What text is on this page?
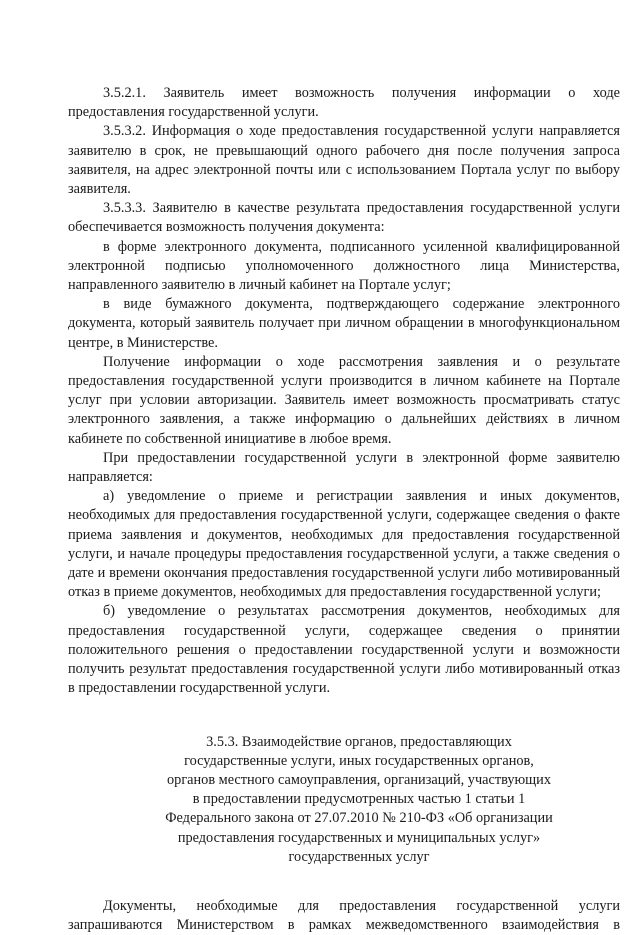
3.5.2.1. Заявитель имеет возможность получения информации о ходе предоставления государственной услуги.

3.5.3.2. Информация о ходе предоставления государственной услуги направляется заявителю в срок, не превышающий одного рабочего дня после получения запроса заявителя, на адрес электронной почты или с использованием Портала услуг по выбору заявителя.

3.5.3.3. Заявителю в качестве результата предоставления государственной услуги обеспечивается возможность получения документа:

в форме электронного документа, подписанного усиленной квалифицированной электронной подписью уполномоченного должностного лица Министерства, направленного заявителю в личный кабинет на Портале услуг;

в виде бумажного документа, подтверждающего содержание электронного документа, который заявитель получает при личном обращении в многофункциональном центре, в Министерстве.

Получение информации о ходе рассмотрения заявления и о результате предоставления государственной услуги производится в личном кабинете на Портале услуг при условии авторизации. Заявитель имеет возможность просматривать статус электронного заявления, а также информацию о дальнейших действиях в личном кабинете по собственной инициативе в любое время.

При предоставлении государственной услуги в электронной форме заявителю направляется:

а) уведомление о приеме и регистрации заявления и иных документов, необходимых для предоставления государственной услуги, содержащее сведения о факте приема заявления и документов, необходимых для предоставления государственной услуги, и начале процедуры предоставления государственной услуги, а также сведения о дате и времени окончания предоставления государственной услуги либо мотивированный отказ в приеме документов, необходимых для предоставления государственной услуги;

б) уведомление о результатах рассмотрения документов, необходимых для предоставления государственной услуги, содержащее сведения о принятии положительного решения о предоставлении государственной услуги и возможности получить результат предоставления государственной услуги либо мотивированный отказ в предоставлении государственной услуги.

3.5.3. Взаимодействие органов, предоставляющих
государственные услуги, иных государственных органов,
органов местного самоуправления, организаций, участвующих
в предоставлении предусмотренных частью 1 статьи 1
Федерального закона от 27.07.2010 № 210-ФЗ «Об организации
предоставления государственных и муниципальных услуг»
государственных услуг

Документы, необходимые для предоставления государственной услуги запрашиваются Министерством в рамках межведомственного взаимодействия в
